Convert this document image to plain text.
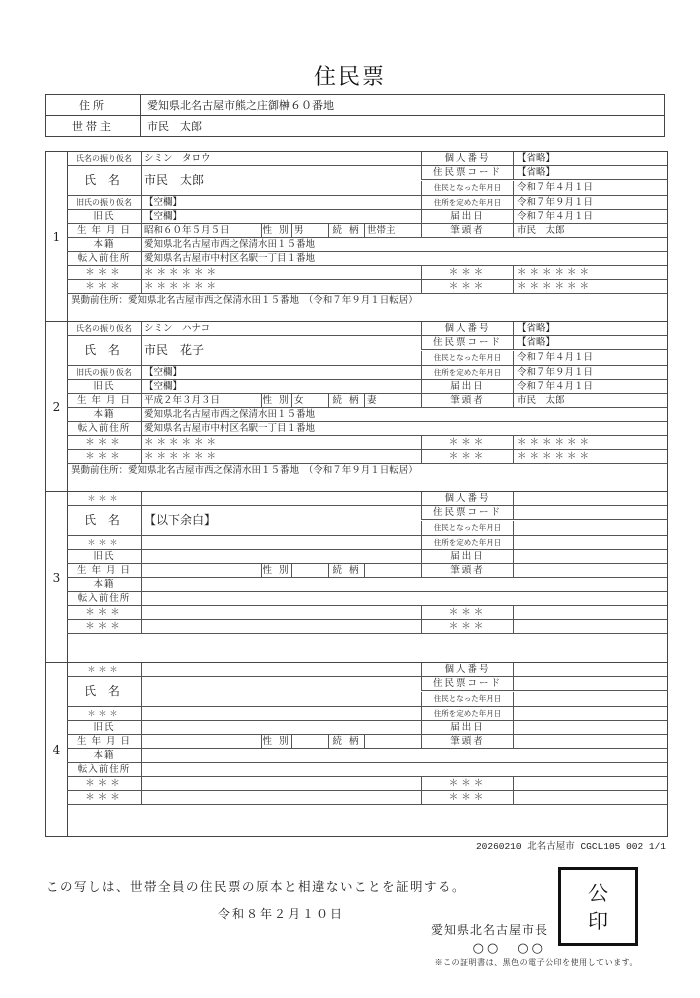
住民票
住所	愛知県北名古屋市熊之庄御榊６０番地
世帯主	市民　太郎
1
氏名の振り仮名	シミン　タロウ	個人番号	【省略】
氏 名	市民　太郎
住民票コード	【省略】
住民となった年月日	令和７年４月１日
旧氏の振り仮名	【空欄】	住所を定めた年月日	令和７年９月１日
旧氏	【空欄】	届出日	令和７年４月１日
生 年 月 日	昭和６０年５月５日	性 別 男	続 柄 世帯主	筆頭者	市民　太郎
本籍	愛知県北名古屋市西之保清水田１５番地
転入前住所	愛知県名古屋市中村区名駅一丁目１番地
＊＊＊	＊＊＊＊＊＊	＊＊＊	＊＊＊＊＊＊
＊＊＊	＊＊＊＊＊＊	＊＊＊	＊＊＊＊＊＊
異動前住所：愛知県北名古屋市西之保清水田１５番地　（令和７年９月１日転居）
2
氏名の振り仮名	シミン　ハナコ	個人番号	【省略】
氏 名	市民　花子
住民票コード	【省略】
住民となった年月日	令和７年４月１日
旧氏の振り仮名	【空欄】	住所を定めた年月日	令和７年９月１日
旧氏	【空欄】	届出日	令和７年４月１日
生 年 月 日	平成２年３月３日	性 別 女	続 柄 妻	筆頭者	市民　太郎
本籍	愛知県北名古屋市西之保清水田１５番地
転入前住所	愛知県名古屋市中村区名駅一丁目１番地
＊＊＊	＊＊＊＊＊＊	＊＊＊	＊＊＊＊＊＊
＊＊＊	＊＊＊＊＊＊	＊＊＊	＊＊＊＊＊＊
異動前住所：愛知県北名古屋市西之保清水田１５番地　（令和７年９月１日転居）
3
＊＊＊	個人番号
氏 名	【以下余白】
住民票コード
住民となった年月日
＊＊＊	住所を定めた年月日
旧氏	届出日
生 年 月 日	性 別	続 柄	筆頭者
本籍
転入前住所
＊＊＊	＊＊＊
＊＊＊	＊＊＊
4
＊＊＊	個人番号
氏 名
住民票コード
住民となった年月日
＊＊＊	住所を定めた年月日
旧氏	届出日
生 年 月 日	性 別	続 柄	筆頭者
本籍
転入前住所
＊＊＊	＊＊＊
＊＊＊	＊＊＊
20260210 北名古屋市 CGCL105 002 1/1
この写しは、世帯全員の住民票の原本と相違ないことを証明する。
令和８年２月１０日
愛知県北名古屋市長
○○　○○
※この証明書は、黒色の電子公印を使用しています。
公
印
